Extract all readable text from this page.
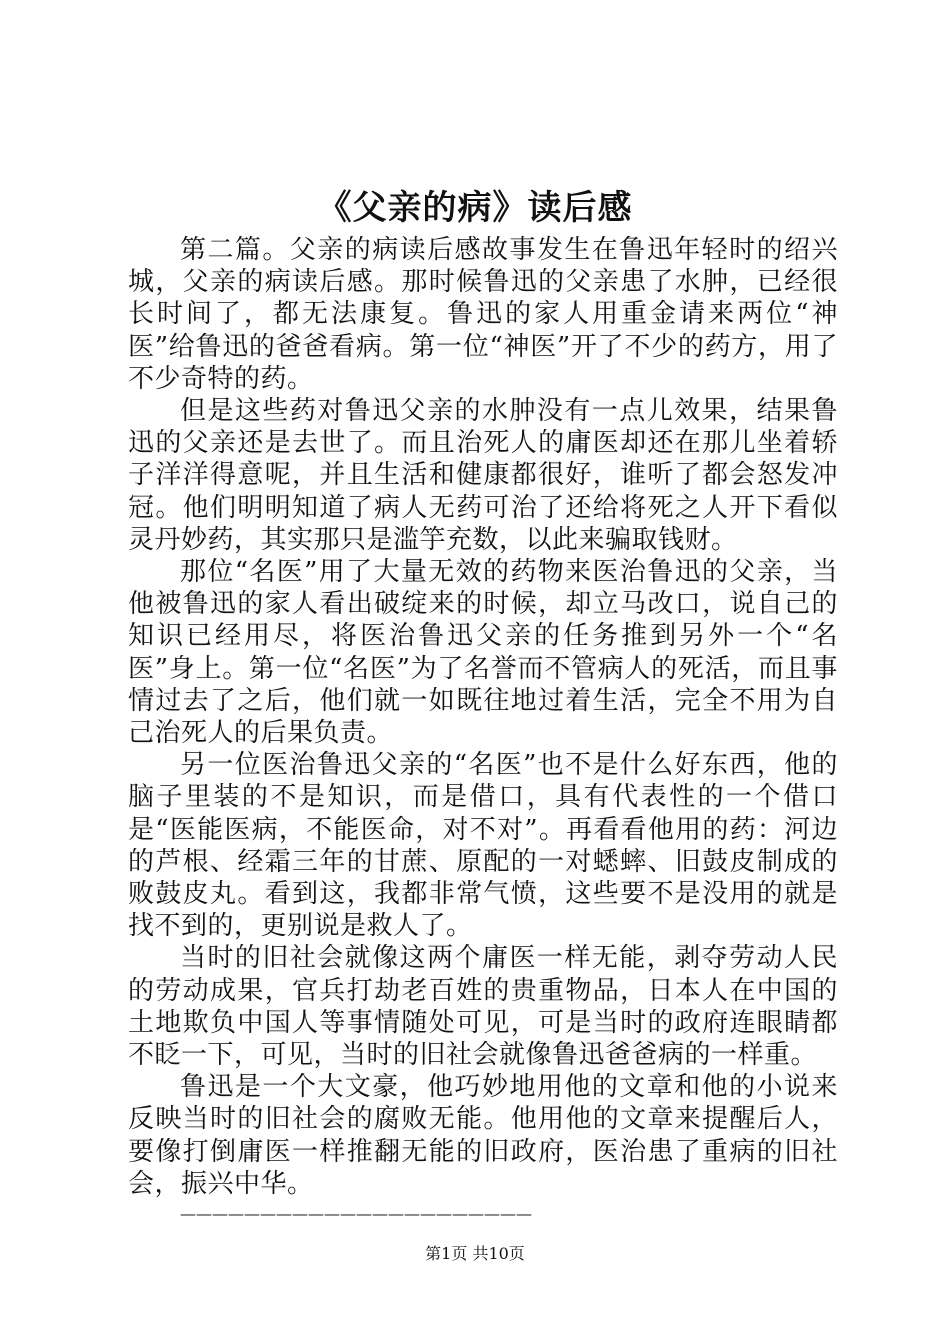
《父亲的病》读后感

第二篇。父亲的病读后感故事发生在鲁迅年轻时的绍兴城，父亲的病读后感。那时候鲁迅的父亲患了水肿，已经很长时间了，都无法康复。鲁迅的家人用重金请来两位“神医”给鲁迅的爸爸看病。第一位“神医”开了不少的药方，用了不少奇特的药。

但是这些药对鲁迅父亲的水肿没有一点儿效果，结果鲁迅的父亲还是去世了。而且治死人的庸医却还在那儿坐着轿子洋洋得意呢，并且生活和健康都很好，谁听了都会怒发冲冠。他们明明知道了病人无药可治了还给将死之人开下看似灵丹妙药，其实那只是滥竽充数，以此来骗取钱财。

那位“名医”用了大量无效的药物来医治鲁迅的父亲，当他被鲁迅的家人看出破绽来的时候，却立马改口，说自己的知识已经用尽，将医治鲁迅父亲的任务推到另外一个“名医”身上。第一位“名医”为了名誉而不管病人的死活，而且事情过去了之后，他们就一如既往地过着生活，完全不用为自己治死人的后果负责。

另一位医治鲁迅父亲的“名医”也不是什么好东西，他的脑子里装的不是知识，而是借口，具有代表性的一个借口是“医能医病，不能医命，对不对”。再看看他用的药：河边的芦根、经霜三年的甘蔗、原配的一对蟋蟀、旧鼓皮制成的败鼓皮丸。看到这，我都非常气愤，这些要不是没用的就是找不到的，更别说是救人了。

当时的旧社会就像这两个庸医一样无能，剥夺劳动人民的劳动成果，官兵打劫老百姓的贵重物品，日本人在中国的土地欺负中国人等事情随处可见，可是当时的政府连眼睛都不眨一下，可见，当时的旧社会就像鲁迅爸爸病的一样重。

鲁迅是一个大文豪，他巧妙地用他的文章和他的小说来反映当时的旧社会的腐败无能。他用他的文章来提醒后人，要像打倒庸医一样推翻无能的旧政府，医治患了重病的旧社会，振兴中华。

——————————————————————
第1页 共10页
